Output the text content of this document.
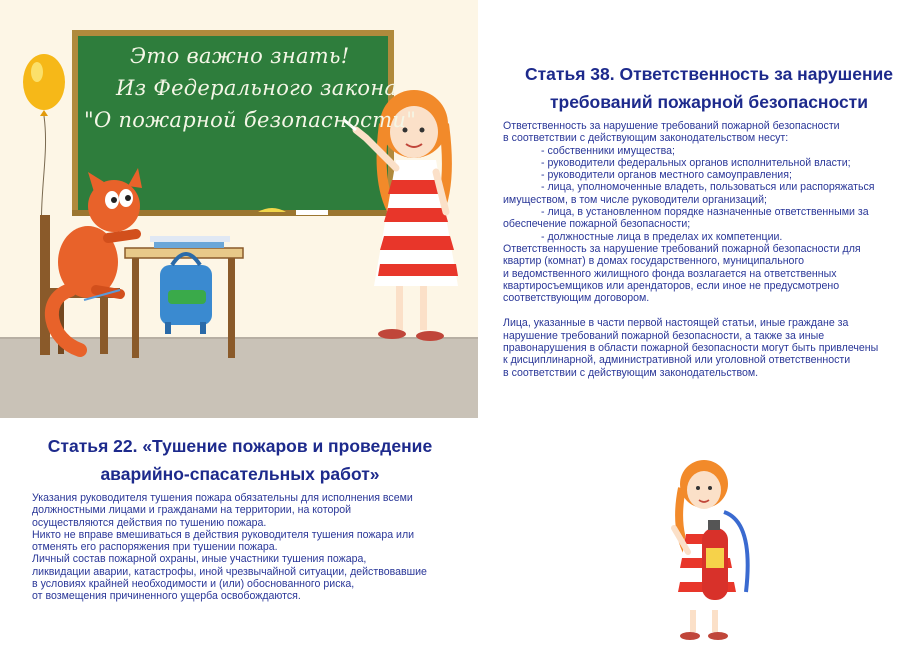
Это важно знать!
Из Федерального закона
"О пожарной безопасности"
Статья 38. Ответственность за нарушение
требований пожарной безопасности

Ответственность за нарушение требований пожарной безопасности

в соответствии с действующим законодательством несут:

- собственники имущества;

- руководители федеральных органов исполнительной власти;

- руководители органов местного самоуправления;

- лица, уполномоченные владеть, пользоваться или распоряжаться

имуществом, в том числе руководители организаций;

- лица, в установленном порядке назначенные ответственными за

обеспечение пожарной безопасности;

- должностные лица в пределах их компетенции.

Ответственность за нарушение требований пожарной безопасности для

квартир (комнат) в домах государственного, муниципального

и ведомственного жилищного фонда возлагается на ответственных

квартиросъемщиков или арендаторов, если иное не предусмотрено

соответствующим договором.

Лица, указанные в части первой настоящей статьи, иные граждане за

нарушение требований пожарной безопасности, а также за иные

правонарушения в области пожарной безопасности могут быть привлечены

к дисциплинарной, административной или уголовной ответственности

в соответствии с действующим законодательством.

Статья 22. «Тушение пожаров и проведение
аварийно-спасательных работ»

Указания руководителя тушения пожара обязательны для исполнения всеми

должностными лицами и гражданами на территории, на которой

осуществляются действия по тушению пожара.

Никто не вправе вмешиваться в действия руководителя тушения пожара или

отменять его распоряжения при тушении пожара.

Личный состав пожарной охраны, иные участники тушения пожара,

ликвидации аварии, катастрофы, иной чрезвычайной ситуации, действовавшие

в условиях крайней необходимости и (или) обоснованного риска,

от возмещения причиненного ущерба освобождаются.
